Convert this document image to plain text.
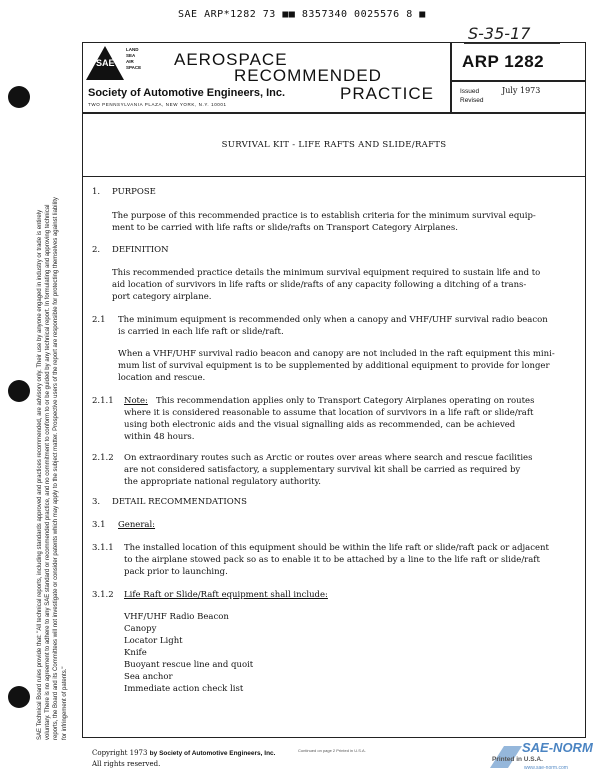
SAE ARP*1282 73 ■■ 8357340 0025576 8 ■
S-35-17
SAE Technical Board rules provide that: "All technical reports, including standards approved and practices recommended, are advisory only. Their use by anyone engaged in industry or trade is entirely voluntary. There is no agreement to adhere to any SAE standard or recommended practice, and no commitment to conform to or be guided by any technical report. In formulating and approving technical reports, the Board and its Committees will not investigate or consider patents which may apply to the subject matter. Prospective users of the report are responsible for protecting themselves against liability for infringement of patents."
SAE
LAND
SEA
AIR
SPACE AEROSPACE
RECOMMENDED
PRACTICE
Society of Automotive Engineers, Inc.
TWO PENNSYLVANIA PLAZA, NEW YORK, N.Y. 10001
ARP 1282
Issued
Revised
July 1973
SURVIVAL KIT - LIFE RAFTS AND SLIDE/RAFTS
1. PURPOSE
The purpose of this recommended practice is to establish criteria for the minimum survival equip-
ment to be carried with life rafts or slide/rafts on Transport Category Airplanes.
2. DEFINITION
This recommended practice details the minimum survival equipment required to sustain life and to
aid location of survivors in life rafts or slide/rafts of any capacity following a ditching of a trans-
port category airplane.
2.1 The minimum equipment is recommended only when a canopy and VHF/UHF survival radio beacon
is carried in each life raft or slide/raft.
When a VHF/UHF survival radio beacon and canopy are not included in the raft equipment this mini-
mum list of survival equipment is to be supplemented by additional equipment to provide for longer
location and rescue.
2.1.1 Note: This recommendation applies only to Transport Category Airplanes operating on routes
where it is considered reasonable to assume that location of survivors in a life raft or slide/raft
using both electronic aids and the visual signalling aids as recommended, can be achieved
within 48 hours.
2.1.2 On extraordinary routes such as Arctic or routes over areas where search and rescue facilities
are not considered satisfactory, a supplementary survival kit shall be carried as required by
the appropriate national regulatory authority.
3. DETAIL RECOMMENDATIONS
3.1 General:
3.1.1 The installed location of this equipment should be within the life raft or slide/raft pack or adjacent
to the airplane stowed pack so as to enable it to be attached by a line to the life raft or slide/raft
pack prior to launching.
3.1.2 Life Raft or Slide/Raft equipment shall include:
VHF/UHF Radio Beacon
Canopy
Locator Light
Knife
Buoyant rescue line and quoit
Sea anchor
Immediate action check list
Copyright 1973 by Society of Automotive Engineers, Inc.
All rights reserved.
Continued on page 2 Printed in U.S.A.	SAE-NORM
Printed in U.S.A.
www.sae-norm.com
